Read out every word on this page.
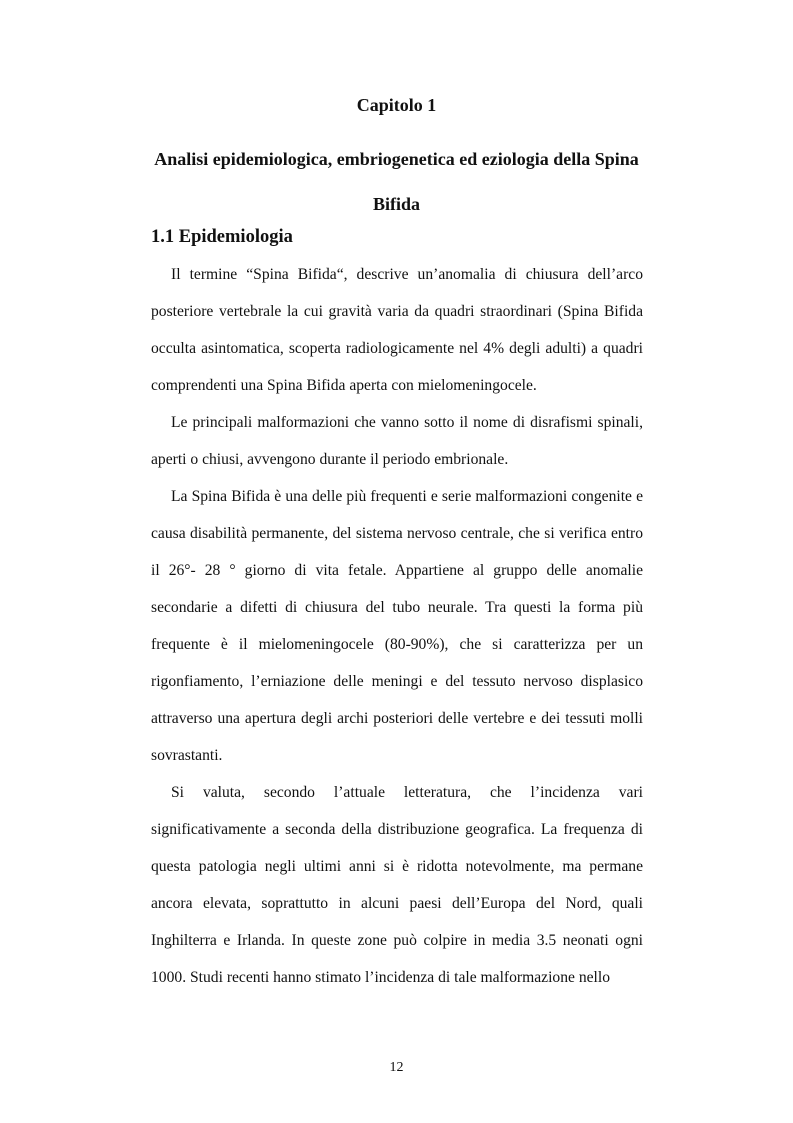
Capitolo 1
Analisi epidemiologica, embriogenetica ed eziologia della Spina Bifida
1.1 Epidemiologia

Il termine “Spina Bifida“, descrive un’anomalia di chiusura dell’arco posteriore vertebrale la cui gravità varia da quadri straordinari (Spina Bifida occulta asintomatica, scoperta radiologicamente nel 4% degli adulti) a quadri comprendenti una Spina Bifida aperta con mielomeningocele.

Le principali malformazioni che vanno sotto il nome di disrafismi spinali, aperti o chiusi, avvengono durante il periodo embrionale.

La Spina Bifida è una delle più frequenti e serie malformazioni congenite e causa disabilità permanente, del sistema nervoso centrale, che si verifica entro il 26°- 28 ° giorno di vita fetale. Appartiene al gruppo delle anomalie secondarie a difetti di chiusura del tubo neurale. Tra questi la forma più frequente è il mielomeningocele (80-90%), che si caratterizza per un rigonfiamento, l’erniazione delle meningi e del tessuto nervoso displasico attraverso una apertura degli archi posteriori delle vertebre e dei tessuti molli sovrastanti.

Si valuta, secondo l’attuale letteratura, che l’incidenza vari significativamente a seconda della distribuzione geografica. La frequenza di questa patologia negli ultimi anni si è ridotta notevolmente, ma permane ancora elevata, soprattutto in alcuni paesi dell’Europa del Nord, quali Inghilterra e Irlanda. In queste zone può colpire in media 3.5 neonati ogni 1000. Studi recenti hanno stimato l’incidenza di tale malformazione nello

12
